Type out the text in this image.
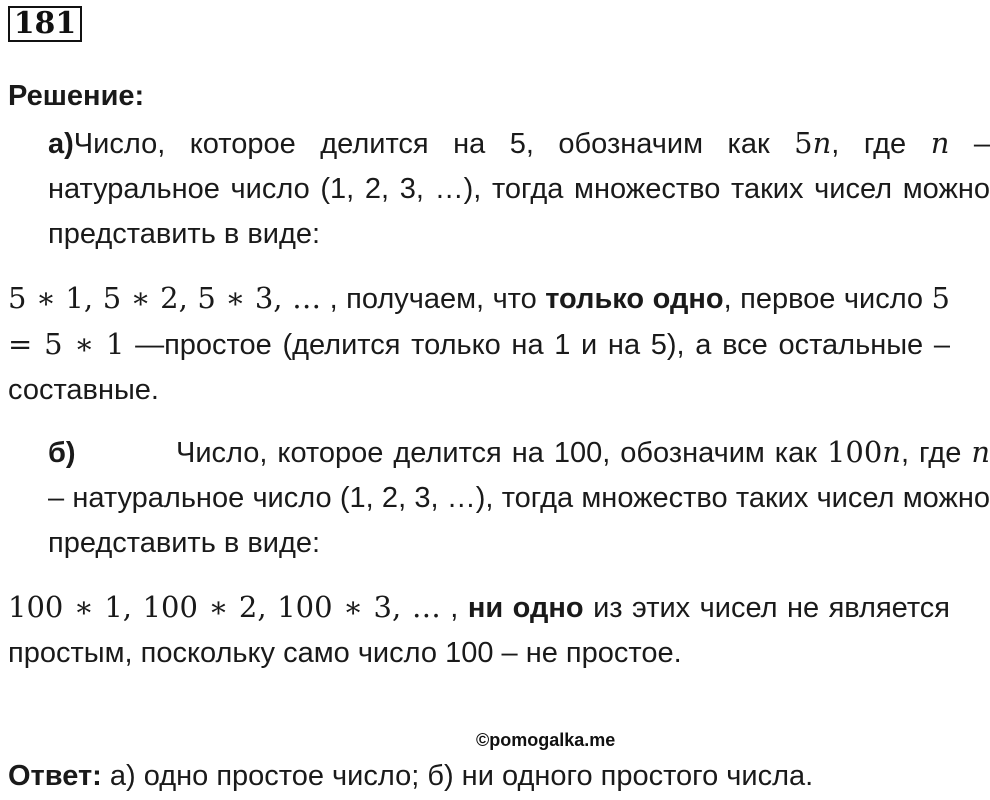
181
Решение:
а)Число, которое делится на 5, обозначим как 5n, где n – натуральное число (1, 2, 3, …), тогда множество таких чисел можно представить в виде:
5 ∗ 1, 5 ∗ 2, 5 ∗ 3, … , получаем, что только одно, первое число 5 = 5 ∗ 1 —простое (делится только на 1 и на 5), а все остальные – составные.
б)	Число, которое делится на 100, обозначим как 100n, где n – натуральное число (1, 2, 3, …), тогда множество таких чисел можно представить в виде:
100 ∗ 1, 100 ∗ 2, 100 ∗ 3, … , ни одно из этих чисел не является простым, поскольку само число 100 – не простое.
©pomogalka.me
Ответ: а) одно простое число; б) ни одного простого числа.
